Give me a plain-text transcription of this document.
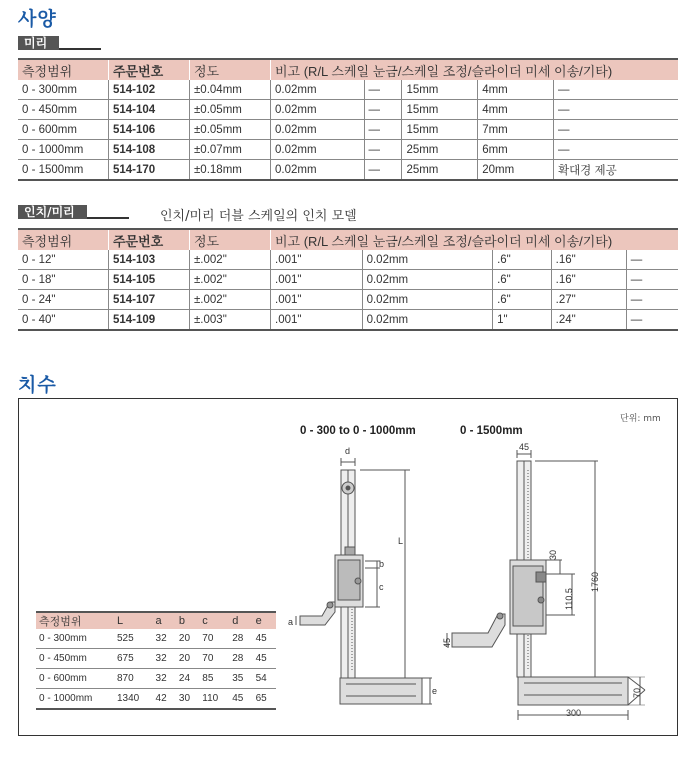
사양
미리
측정범위	주문번호	정도	비고 (R/L 스케일 눈금/스케일 조정/슬라이더 미세 이송/기타)				
0 - 300mm	514-102	±0.04mm	0.02mm	—	15mm	4mm	—
0 - 450mm	514-104	±0.05mm	0.02mm	—	15mm	4mm	—
0 - 600mm	514-106	±0.05mm	0.02mm	—	15mm	7mm	—
0 - 1000mm	514-108	±0.07mm	0.02mm	—	25mm	6mm	—
0 - 1500mm	514-170	±0.18mm	0.02mm	—	25mm	20mm	확대경 제공
인치/미리	인치/미리 더블 스케일의 인치 모델
측정범위	주문번호	정도	비고 (R/L 스케일 눈금/스케일 조정/슬라이더 미세 이송/기타)				
0 - 12"	514-103	±.002"	.001"	0.02mm	.6"	.16"	—
0 - 18"	514-105	±.002"	.001"	0.02mm	.6"	.16"	—
0 - 24"	514-107	±.002"	.001"	0.02mm	.6"	.27"	—
0 - 40"	514-109	±.003"	.001"	0.02mm	1"	.24"	—
치수
단위: mm
0 - 300 to 0 - 1000mm	0 - 1500mm
d
L
b
c
a
e
45
30
110.5
1760
45
70
300
측정범위	L	a	b	c	d	e
0 - 300mm	525	32	20	70	28	45
0 - 450mm	675	32	20	70	28	45
0 - 600mm	870	32	24	85	35	54
0 - 1000mm	1340	42	30	110	45	65
